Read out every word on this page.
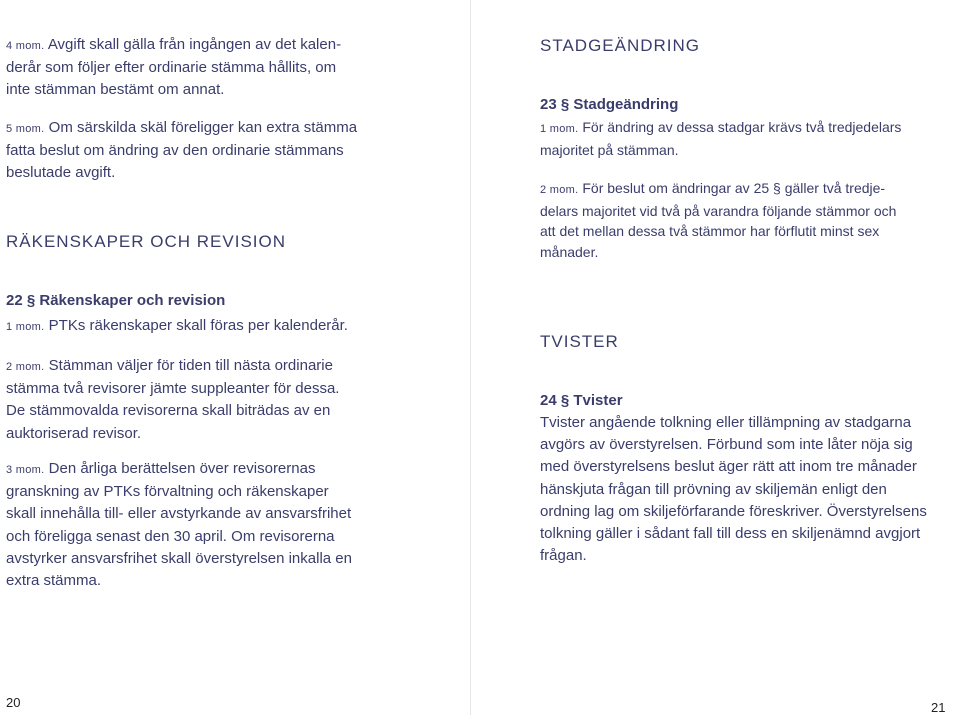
4 mom. Avgift skall gälla från ingången av det kalen-
derår som följer efter ordinarie stämma hållits, om
inte stämman bestämt om annat.

5 mom. Om särskilda skäl föreligger kan extra stämma
fatta beslut om ändring av den ordinarie stämmans
beslutade avgift.

RÄKENSKAPER OCH REVISION
22 § Räkenskaper och revision

1 mom. PTKs räkenskaper skall föras per kalenderår.

2 mom. Stämman väljer för tiden till nästa ordinarie
stämma två revisorer jämte suppleanter för dessa.
De stämmovalda revisorerna skall biträdas av en
auktoriserad revisor.

3 mom. Den årliga berättelsen över revisorernas
granskning av PTKs förvaltning och räkenskaper
skall innehålla till- eller avstyrkande av ansvarsfrihet
och föreligga senast den 30 april. Om revisorerna
avstyrker ansvarsfrihet skall överstyrelsen inkalla en
extra stämma.

20
STADGEÄNDRING
23 § Stadgeändring

1 mom. För ändring av dessa stadgar krävs två tredjedelars
majoritet på stämman.

2 mom. För beslut om ändringar av 25 § gäller två tredje-
delars majoritet vid två på varandra följande stämmor och
att det mellan dessa två stämmor har förflutit minst sex
månader.

TVISTER
24 § Tvister

Tvister angående tolkning eller tillämpning av stadgarna
avgörs av överstyrelsen. Förbund som inte låter nöja sig
med överstyrelsens beslut äger rätt att inom tre månader
hänskjuta frågan till prövning av skiljemän enligt den
ordning lag om skiljeförfarande föreskriver. Överstyrelsens
tolkning gäller i sådant fall till dess en skiljenämnd avgjort
frågan.

21
